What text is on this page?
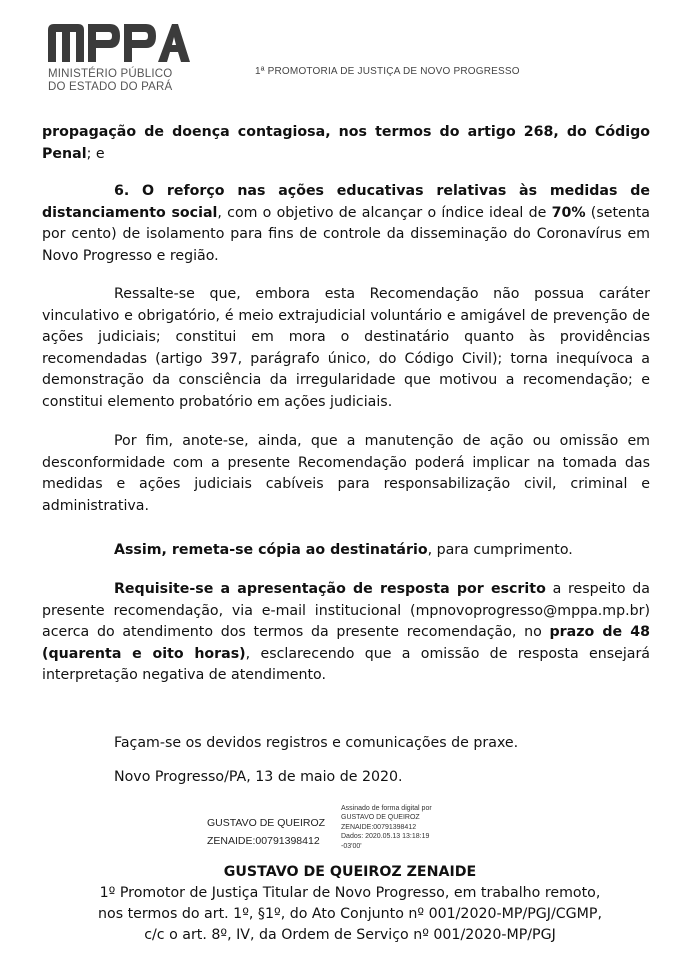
MINISTÉRIO PÚBLICO
DO ESTADO DO PARÁ
1ª PROMOTORIA DE JUSTIÇA DE NOVO PROGRESSO
propagação de doença contagiosa, nos termos do artigo 268, do Código Penal; e
6. O reforço nas ações educativas relativas às medidas de distanciamento social, com o objetivo de alcançar o índice ideal de 70% (setenta por cento) de isolamento para fins de controle da disseminação do Coronavírus em Novo Progresso e região.
Ressalte-se que, embora esta Recomendação não possua caráter vinculativo e obrigatório, é meio extrajudicial voluntário e amigável de prevenção de ações judiciais; constitui em mora o destinatário quanto às providências recomendadas (artigo 397, parágrafo único, do Código Civil); torna inequívoca a demonstração da consciência da irregularidade que motivou a recomendação; e constitui elemento probatório em ações judiciais.
Por fim, anote-se, ainda, que a manutenção de ação ou omissão em desconformidade com a presente Recomendação poderá implicar na tomada das medidas e ações judiciais cabíveis para responsabilização civil, criminal e administrativa.
Assim, remeta-se cópia ao destinatário, para cumprimento.
Requisite-se a apresentação de resposta por escrito a respeito da presente recomendação, via e-mail institucional (mpnovoprogresso@mppa.mp.br) acerca do atendimento dos termos da presente recomendação, no prazo de 48 (quarenta e oito horas), esclarecendo que a omissão de resposta ensejará interpretação negativa de atendimento.
Façam-se os devidos registros e comunicações de praxe.
Novo Progresso/PA, 13 de maio de 2020.
GUSTAVO DE QUEIROZ
ZENAIDE:00791398412
Assinado de forma digital por
GUSTAVO DE QUEIROZ
ZENAIDE:00791398412
Dados: 2020.05.13 13:18:19
-03'00'
GUSTAVO DE QUEIROZ ZENAIDE
1º Promotor de Justiça Titular de Novo Progresso, em trabalho remoto,
nos termos do art. 1º, §1º, do Ato Conjunto nº 001/2020-MP/PGJ/CGMP,
c/c o art. 8º, IV, da Ordem de Serviço nº 001/2020-MP/PGJ
